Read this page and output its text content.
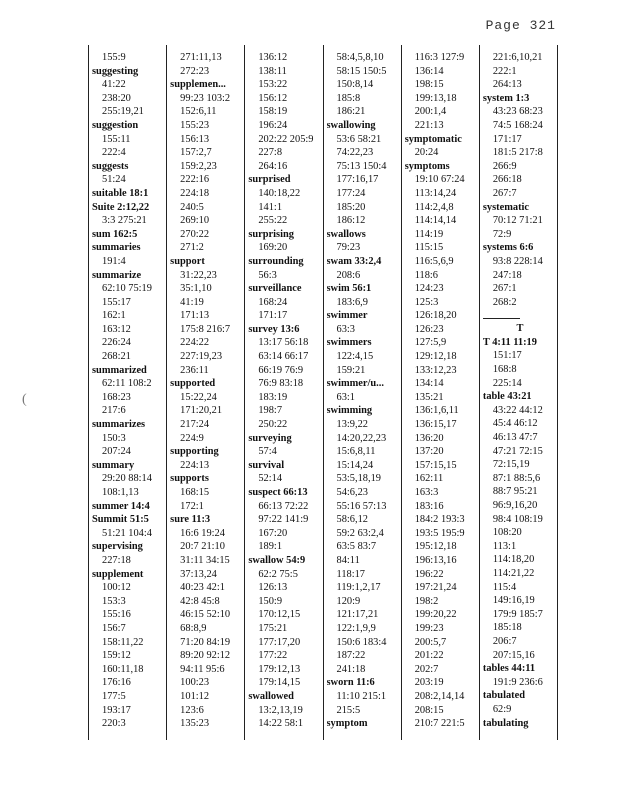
Page 321
(
155:9
suggesting
41:22
238:20
255:19,21
suggestion
155:11
222:4
suggests
51:24
suitable 18:1
Suite 2:12,22
3:3 275:21
sum 162:5
summaries
191:4
summarize
62:10 75:19
155:17
162:1
163:12
226:24
268:21
summarized
62:11 108:2
168:23
217:6
summarizes
150:3
207:24
summary
29:20 88:14
108:1,13
summer 14:4
Summit 51:5
51:21 104:4
supervising
227:18
supplement
100:12
153:3
155:16
156:7
158:11,22
159:12
160:11,18
176:16
177:5
193:17
220:3
271:11,13
272:23
supplemen...
99:23 103:2
152:6,11
155:23
156:13
157:2,7
159:2,23
222:16
224:18
240:5
269:10
270:22
271:2
support
31:22,23
35:1,10
41:19
171:13
175:8 216:7
224:22
227:19,23
236:11
supported
15:22,24
171:20,21
217:24
224:9
supporting
224:13
supports
168:15
172:1
sure 11:3
16:6 19:24
20:7 21:10
31:11 34:15
37:13,24
40:23 42:1
42:8 45:8
46:15 52:10
68:8,9
71:20 84:19
89:20 92:12
94:11 95:6
100:23
101:12
123:6
135:23
136:12
138:11
153:22
156:12
158:19
196:24
202:22 205:9
227:8
264:16
surprised
140:18,22
141:1
255:22
surprising
169:20
surrounding
56:3
surveillance
168:24
171:17
survey 13:6
13:17 56:18
63:14 66:17
66:19 76:9
76:9 83:18
183:19
198:7
250:22
surveying
57:4
survival
52:14
suspect 66:13
66:13 72:22
97:22 141:9
167:20
189:1
swallow 54:9
62:2 75:5
126:13
150:9
170:12,15
175:21
177:17,20
177:22
179:12,13
179:14,15
swallowed
13:2,13,19
14:22 58:1
58:4,5,8,10
58:15 150:5
150:8,14
185:8
186:21
swallowing
53:6 58:21
74:22,23
75:13 150:4
177:16,17
177:24
185:20
186:12
swallows
79:23
swam 33:2,4
208:6
swim 56:1
183:6,9
swimmer
63:3
swimmers
122:4,15
159:21
swimmer/u...
63:1
swimming
13:9,22
14:20,22,23
15:6,8,11
15:14,24
53:5,18,19
54:6,23
55:16 57:13
58:6,12
59:2 63:2,4
63:5 83:7
84:11
118:17
119:1,2,17
120:9
121:17,21
122:1,9,9
150:6 183:4
187:22
241:18
sworn 11:6
11:10 215:1
215:5
symptom
116:3 127:9
136:14
198:15
199:13,18
200:1,4
221:13
symptomatic
20:24
symptoms
19:10 67:24
113:14,24
114:2,4,8
114:14,14
114:19
115:15
116:5,6,9
118:6
124:23
125:3
126:18,20
126:23
127:5,9
129:12,18
133:12,23
134:14
135:21
136:1,6,11
136:15,17
136:20
137:20
157:15,15
162:11
163:3
183:16
184:2 193:3
193:5 195:9
195:12,18
196:13,16
196:22
197:21,24
198:2
199:20,22
199:23
200:5,7
201:22
202:7
203:19
208:2,14,14
208:15
210:7 221:5
221:6,10,21
222:1
264:13
system 1:3
43:23 68:23
74:5 168:24
171:17
181:5 217:8
266:9
266:18
267:7
systematic
70:12 71:21
72:9
systems 6:6
93:8 228:14
247:18
267:1
268:2
T
T 4:11 11:19
151:17
168:8
225:14
table 43:21
43:22 44:12
45:4 46:12
46:13 47:7
47:21 72:15
72:15,19
87:1 88:5,6
88:7 95:21
96:9,16,20
98:4 108:19
108:20
113:1
114:18,20
114:21,22
115:4
149:16,19
179:9 185:7
185:18
206:7
207:15,16
tables 44:11
191:9 236:6
tabulated
62:9
tabulating
